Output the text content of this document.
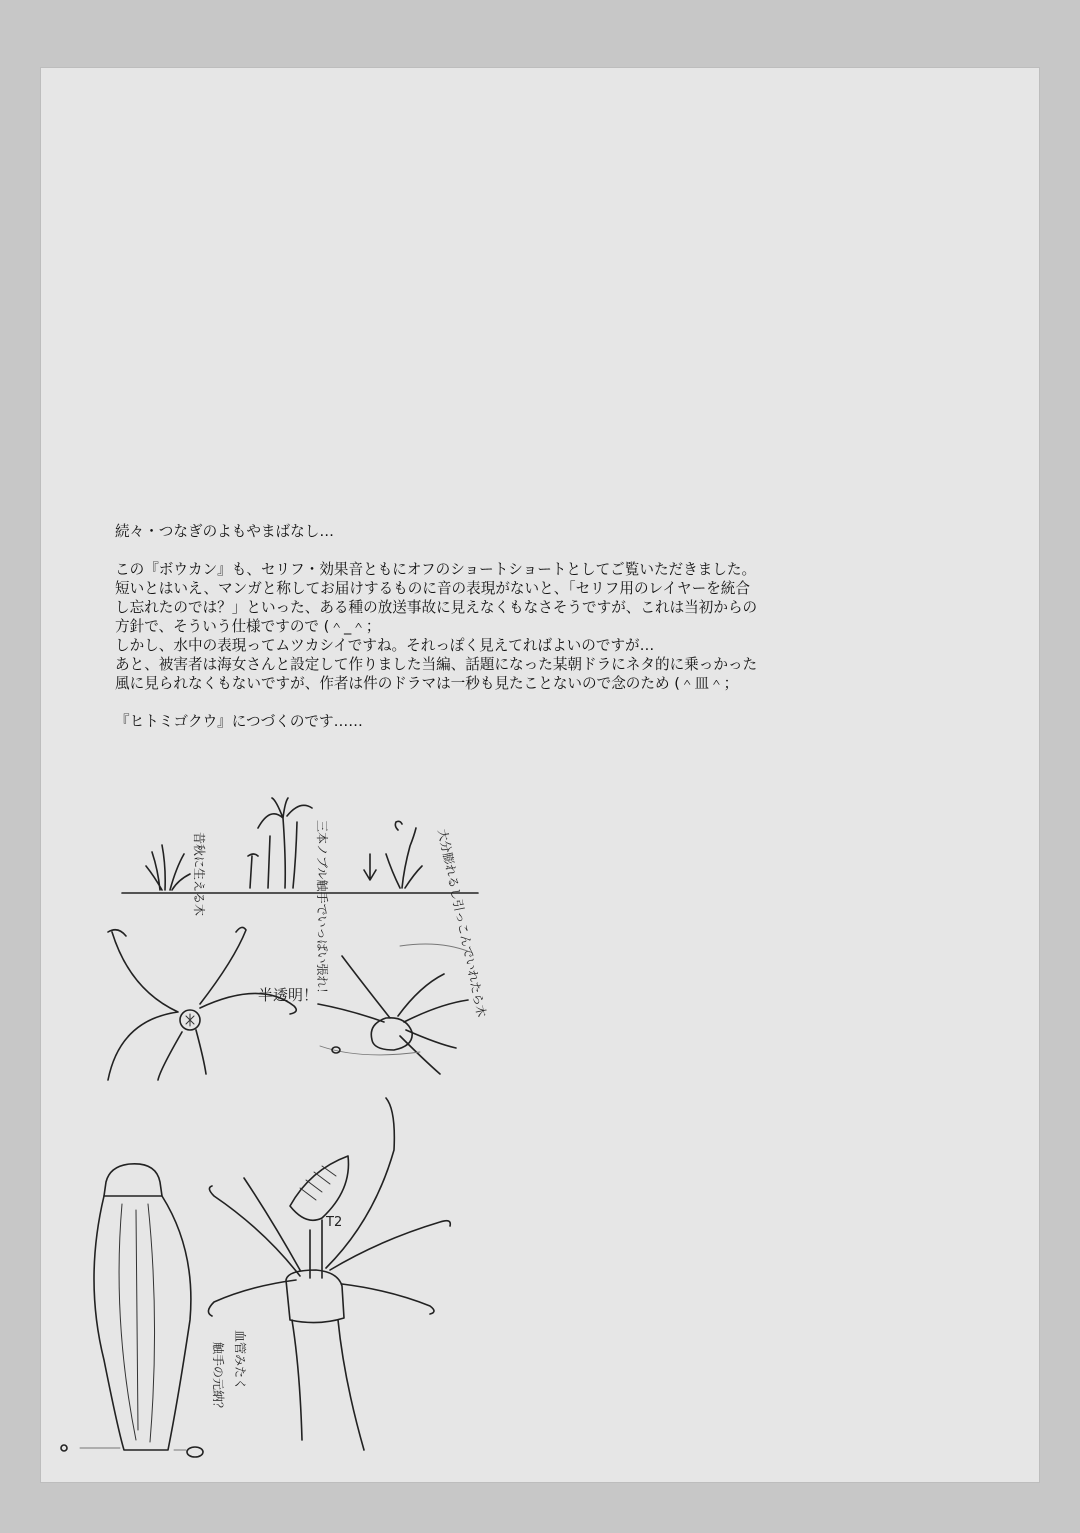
続々・つなぎのよもやまばなし…

この『ボウカン』も、セリフ・効果音ともにオフのショートショートとしてご覧いただきました。

短いとはいえ、マンガと称してお届けするものに音の表現がないと、「セリフ用のレイヤーを統合

し忘れたのでは？」といった、ある種の放送事故に見えなくもなさそうですが、これは当初からの

方針で、そういう仕様ですので (＾_＾；

しかし、水中の表現ってムツカシイですね。それっぽく見えてればよいのですが…

あと、被害者は海女さんと設定して作りました当編、話題になった某朝ドラにネタ的に乗っかった

風に見られなくもないですが、作者は件のドラマは一秒も見たことないので念のため (＾皿＾；

『ヒトミゴクウ』につづくのです……

昔秋に生える木	三本ノブル触手でいっぱい張れ！	大分膨れるし引っこんでいれたら木
半透明！
触手の元納？
T2
血管みたく
